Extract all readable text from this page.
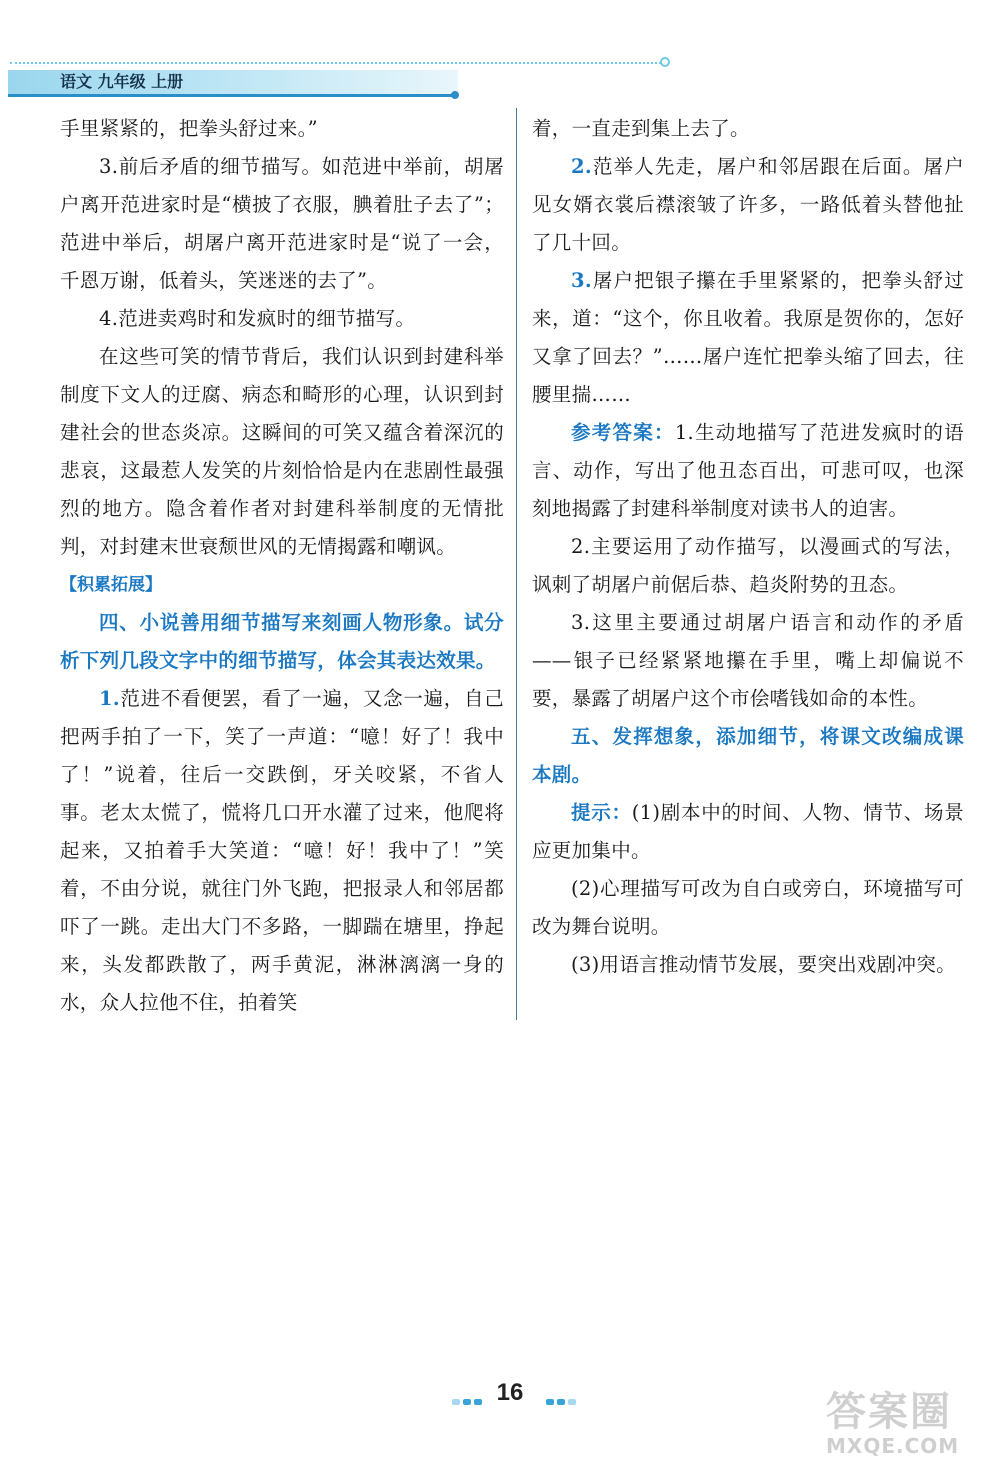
语文 九年级 上册

手里紧紧的，把拳头舒过来。”

3.前后矛盾的细节描写。如范进中举前，胡屠户离开范进家时是“横披了衣服，腆着肚子去了”；范进中举后，胡屠户离开范进家时是“说了一会，千恩万谢，低着头，笑迷迷的去了”。

4.范进卖鸡时和发疯时的细节描写。

在这些可笑的情节背后，我们认识到封建科举制度下文人的迂腐、病态和畸形的心理，认识到封建社会的世态炎凉。这瞬间的可笑又蕴含着深沉的悲哀，这最惹人发笑的片刻恰恰是内在悲剧性最强烈的地方。隐含着作者对封建科举制度的无情批判，对封建末世衰颓世风的无情揭露和嘲讽。

【积累拓展】

四、小说善用细节描写来刻画人物形象。试分析下列几段文字中的细节描写，体会其表达效果。

1.范进不看便罢，看了一遍，又念一遍，自己把两手拍了一下，笑了一声道：“噫！好了！我中了！”说着，往后一交跌倒，牙关咬紧，不省人事。老太太慌了，慌将几口开水灌了过来，他爬将起来，又拍着手大笑道：“噫！好！我中了！”笑着，不由分说，就往门外飞跑，把报录人和邻居都吓了一跳。走出大门不多路，一脚踹在塘里，挣起来，头发都跌散了，两手黄泥，淋淋漓漓一身的水，众人拉他不住，拍着笑

着，一直走到集上去了。

2.范举人先走，屠户和邻居跟在后面。屠户见女婿衣裳后襟滚皱了许多，一路低着头替他扯了几十回。

3.屠户把银子攥在手里紧紧的，把拳头舒过来，道：“这个，你且收着。我原是贺你的，怎好又拿了回去？”……屠户连忙把拳头缩了回去，往腰里揣……

参考答案：1.生动地描写了范进发疯时的语言、动作，写出了他丑态百出，可悲可叹，也深刻地揭露了封建科举制度对读书人的迫害。

2.主要运用了动作描写，以漫画式的写法，讽刺了胡屠户前倨后恭、趋炎附势的丑态。

3.这里主要通过胡屠户语言和动作的矛盾——银子已经紧紧地攥在手里，嘴上却偏说不要，暴露了胡屠户这个市侩嗜钱如命的本性。

五、发挥想象，添加细节，将课文改编成课本剧。

提示：(1)剧本中的时间、人物、情节、场景应更加集中。

(2)心理描写可改为自白或旁白，环境描写可改为舞台说明。

(3)用语言推动情节发展，要突出戏剧冲突。

16	答案圈
MXQE.COM
